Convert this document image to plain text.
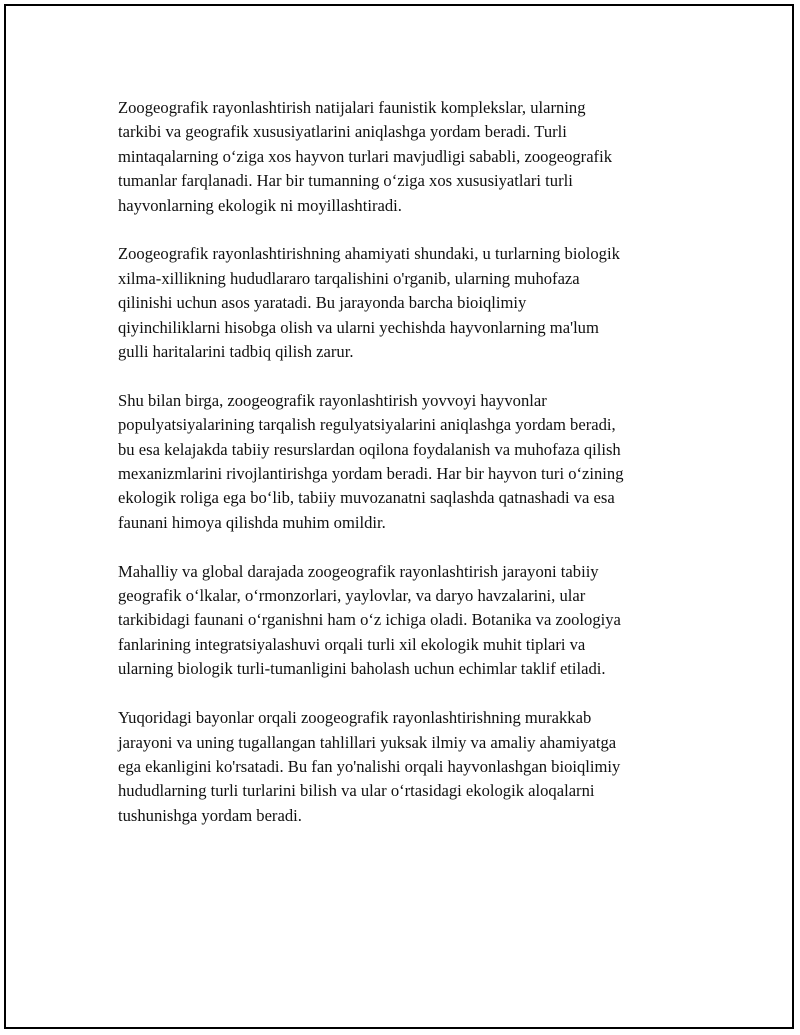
Zoogeografik rayonlashtirish natijalari faunistik komplekslar, ularning
tarkibi va geografik xususiyatlarini aniqlashga yordam beradi. Turli
mintaqalarning o‘ziga xos hayvon turlari mavjudligi sababli, zoogeografik
tumanlar farqlanadi. Har bir tumanning o‘ziga xos xususiyatlari turli
hayvonlarning ekologik ni moyillashtiradi.

Zoogeografik rayonlashtirishning ahamiyati shundaki, u turlarning biologik
xilma-xillikning hududlararo tarqalishini o'rganib, ularning muhofaza
qilinishi uchun asos yaratadi. Bu jarayonda barcha bioiqlimiy
qiyinchiliklarni hisobga olish va ularni yechishda hayvonlarning ma'lum
gulli haritalarini tadbiq qilish zarur.

Shu bilan birga, zoogeografik rayonlashtirish yovvoyi hayvonlar
populyatsiyalarining tarqalish regulyatsiyalarini aniqlashga yordam beradi,
bu esa kelajakda tabiiy resurslardan oqilona foydalanish va muhofaza qilish
mexanizmlarini rivojlantirishga yordam beradi. Har bir hayvon turi o‘zining
ekologik roliga ega bo‘lib, tabiiy muvozanatni saqlashda qatnashadi va esa
faunani himoya qilishda muhim omildir.

Mahalliy va global darajada zoogeografik rayonlashtirish jarayoni tabiiy
geografik o‘lkalar, o‘rmonzorlari, yaylovlar, va daryo havzalarini, ular
tarkibidagi faunani o‘rganishni ham o‘z ichiga oladi. Botanika va zoologiya
fanlarining integratsiyalashuvi orqali turli xil ekologik muhit tiplari va
ularning biologik turli-tumanligini baholash uchun echimlar taklif etiladi.

Yuqoridagi bayonlar orqali zoogeografik rayonlashtirishning murakkab
jarayoni va uning tugallangan tahlillari yuksak ilmiy va amaliy ahamiyatga
ega ekanligini ko'rsatadi. Bu fan yo'nalishi orqali hayvonlashgan bioiqlimiy
hududlarning turli turlarini bilish va ular o‘rtasidagi ekologik aloqalarni
tushunishga yordam beradi.
